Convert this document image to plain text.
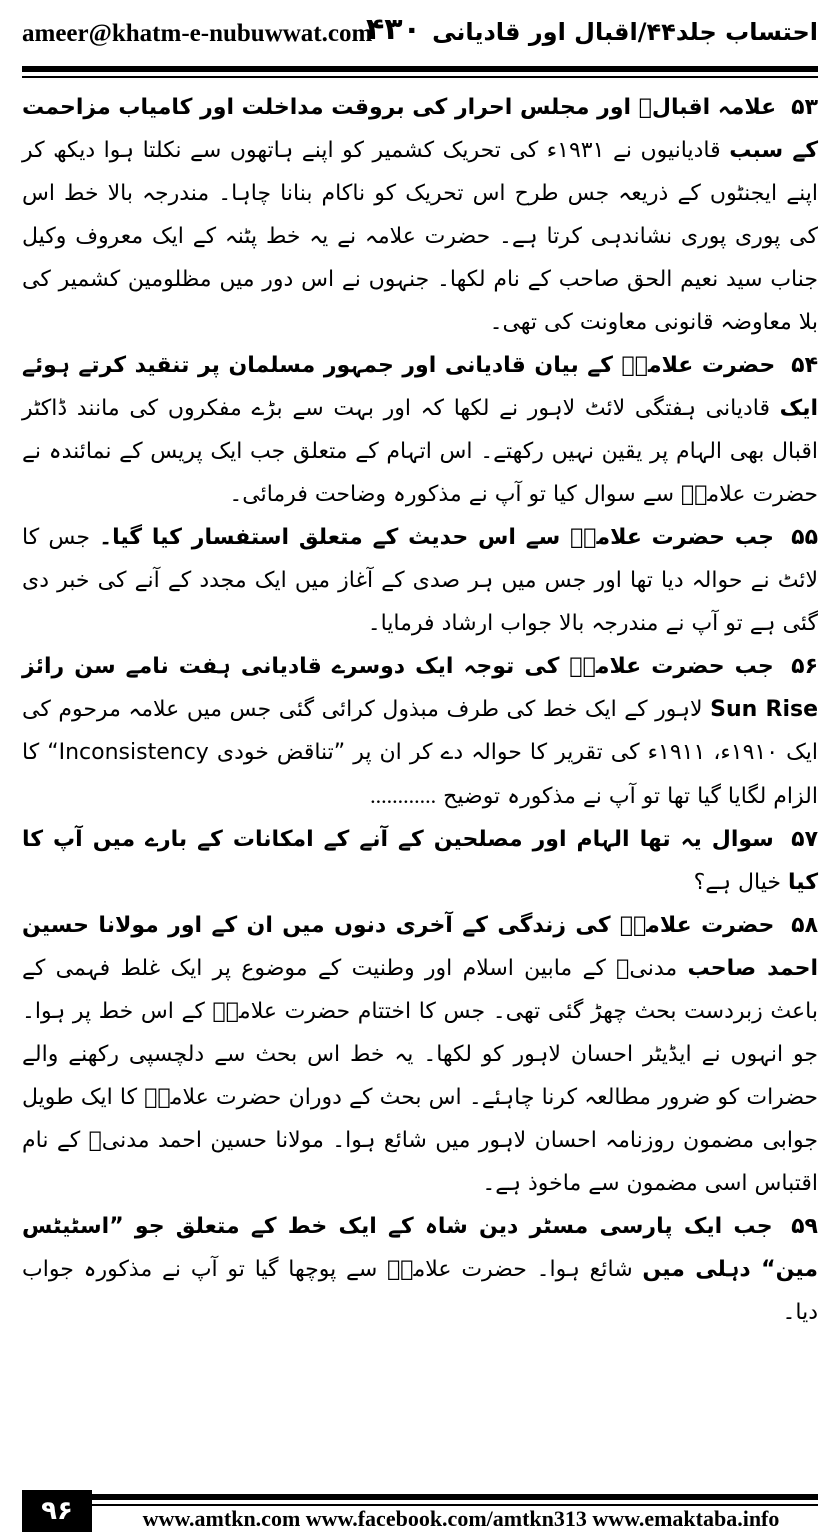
ameer@khatm-e-nubuwwat.com
۴۳۰ احتساب جلد۴۴/اقبال اور قادیانی

۵۳ علامہ اقبالؒ اور مجلس احرار کی بروقت مداخلت اور کامیاب مزاحمت کے سبب قادیانیوں نے ۱۹۳۱ء کی تحریک کشمیر کو اپنے ہاتھوں سے نکلتا ہوا دیکھ کر اپنے ایجنٹوں کے ذریعہ جس طرح اس تحریک کو ناکام بنانا چاہا۔ مندرجہ بالا خط اس کی پوری پوری نشاندہی کرتا ہے۔ حضرت علامہ نے یہ خط پٹنہ کے ایک معروف وکیل جناب سید نعیم الحق صاحب کے نام لکھا۔ جنہوں نے اس دور میں مظلومین کشمیر کی بلا معاوضہ قانونی معاونت کی تھی۔

۵۴ حضرت علامہؒ کے بیان قادیانی اور جمہور مسلمان پر تنقید کرتے ہوئے ایک قادیانی ہفتگی لائٹ لاہور نے لکھا کہ اور بہت سے بڑے مفکروں کی مانند ڈاکٹر اقبال بھی الہام پر یقین نہیں رکھتے۔ اس اتہام کے متعلق جب ایک پریس کے نمائندہ نے حضرت علامہؒ سے سوال کیا تو آپ نے مذکورہ وضاحت فرمائی۔

۵۵ جب حضرت علامہؒ سے اس حدیث کے متعلق استفسار کیا گیا۔ جس کا لائٹ نے حوالہ دیا تھا اور جس میں ہر صدی کے آغاز میں ایک مجدد کے آنے کی خبر دی گئی ہے تو آپ نے مندرجہ بالا جواب ارشاد فرمایا۔

۵۶ جب حضرت علامہؒ کی توجہ ایک دوسرے قادیانی ہفت نامے سن رائز Sun Rise لاہور کے ایک خط کی طرف مبذول کرائی گئی جس میں علامہ مرحوم کی ایک ۱۹۱۰ء، ۱۹۱۱ء کی تقریر کا حوالہ دے کر ان پر ”تناقض خودی Inconsistency“ کا الزام لگایا گیا تھا تو آپ نے مذکورہ توضیح ............

۵۷ سوال یہ تھا الہام اور مصلحین کے آنے کے امکانات کے بارے میں آپ کا کیا خیال ہے؟

۵۸ حضرت علامہؒ کی زندگی کے آخری دنوں میں ان کے اور مولانا حسین احمد صاحب مدنیؒ کے مابین اسلام اور وطنیت کے موضوع پر ایک غلط فہمی کے باعث زبردست بحث چھڑ گئی تھی۔ جس کا اختتام حضرت علامہؒ کے اس خط پر ہوا۔ جو انہوں نے ایڈیٹر احسان لاہور کو لکھا۔ یہ خط اس بحث سے دلچسپی رکھنے والے حضرات کو ضرور مطالعہ کرنا چاہئے۔ اس بحث کے دوران حضرت علامہؒ کا ایک طویل جوابی مضمون روزنامہ احسان لاہور میں شائع ہوا۔ مولانا حسین احمد مدنیؒ کے نام اقتباس اسی مضمون سے ماخوذ ہے۔

۵۹ جب ایک پارسی مسٹر دین شاہ کے ایک خط کے متعلق جو ”اسٹیٹس مین“ دہلی میں شائع ہوا۔ حضرت علامہؒ سے پوچھا گیا تو آپ نے مذکورہ جواب دیا۔

۹۶	www.amtkn.com www.facebook.com/amtkn313 www.emaktaba.info
